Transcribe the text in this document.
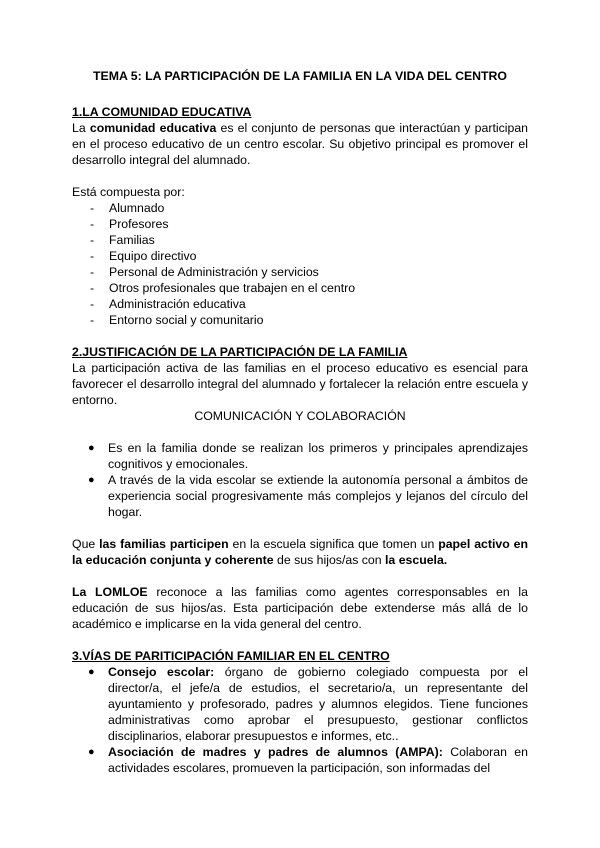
TEMA 5: LA PARTICIPACIÓN DE LA FAMILIA EN LA VIDA DEL CENTRO
1.LA COMUNIDAD EDUCATIVA

La comunidad educativa es el conjunto de personas que interactúan y participan en el proceso educativo de un centro escolar. Su objetivo principal es promover el desarrollo integral del alumnado.

Está compuesta por:

- Alumnado
- Profesores
- Familias
- Equipo directivo
- Personal de Administración y servicios
- Otros profesionales que trabajen en el centro
- Administración educativa
- Entorno social y comunitario
2.JUSTIFICACIÓN DE LA PARTICIPACIÓN DE LA FAMILIA

La participación activa de las familias en el proceso educativo es esencial para favorecer el desarrollo integral del alumnado y fortalecer la relación entre escuela y entorno.

COMUNICACIÓN Y COLABORACIÓN
● Es en la familia donde se realizan los primeros y principales aprendizajes cognitivos y emocionales.
● A través de la vida escolar se extiende la autonomía personal a ámbitos de experiencia social progresivamente más complejos y lejanos del círculo del hogar.

Que las familias participen en la escuela significa que tomen un papel activo en la educación conjunta y coherente de sus hijos/as con la escuela.

La LOMLOE reconoce a las familias como agentes corresponsables en la educación de sus hijos/as. Esta participación debe extenderse más allá de lo académico e implicarse en la vida general del centro.

3.VÍAS DE PARITICIPACIÓN FAMILIAR EN EL CENTRO
● Consejo escolar: órgano de gobierno colegiado compuesta por el director/a, el jefe/a de estudios, el secretario/a, un representante del ayuntamiento y profesorado, padres y alumnos elegidos. Tiene funciones administrativas como aprobar el presupuesto, gestionar conflictos disciplinarios, elaborar presupuestos e informes, etc..
● Asociación de madres y padres de alumnos (AMPA): Colaboran en actividades escolares, promueven la participación, son informadas del
